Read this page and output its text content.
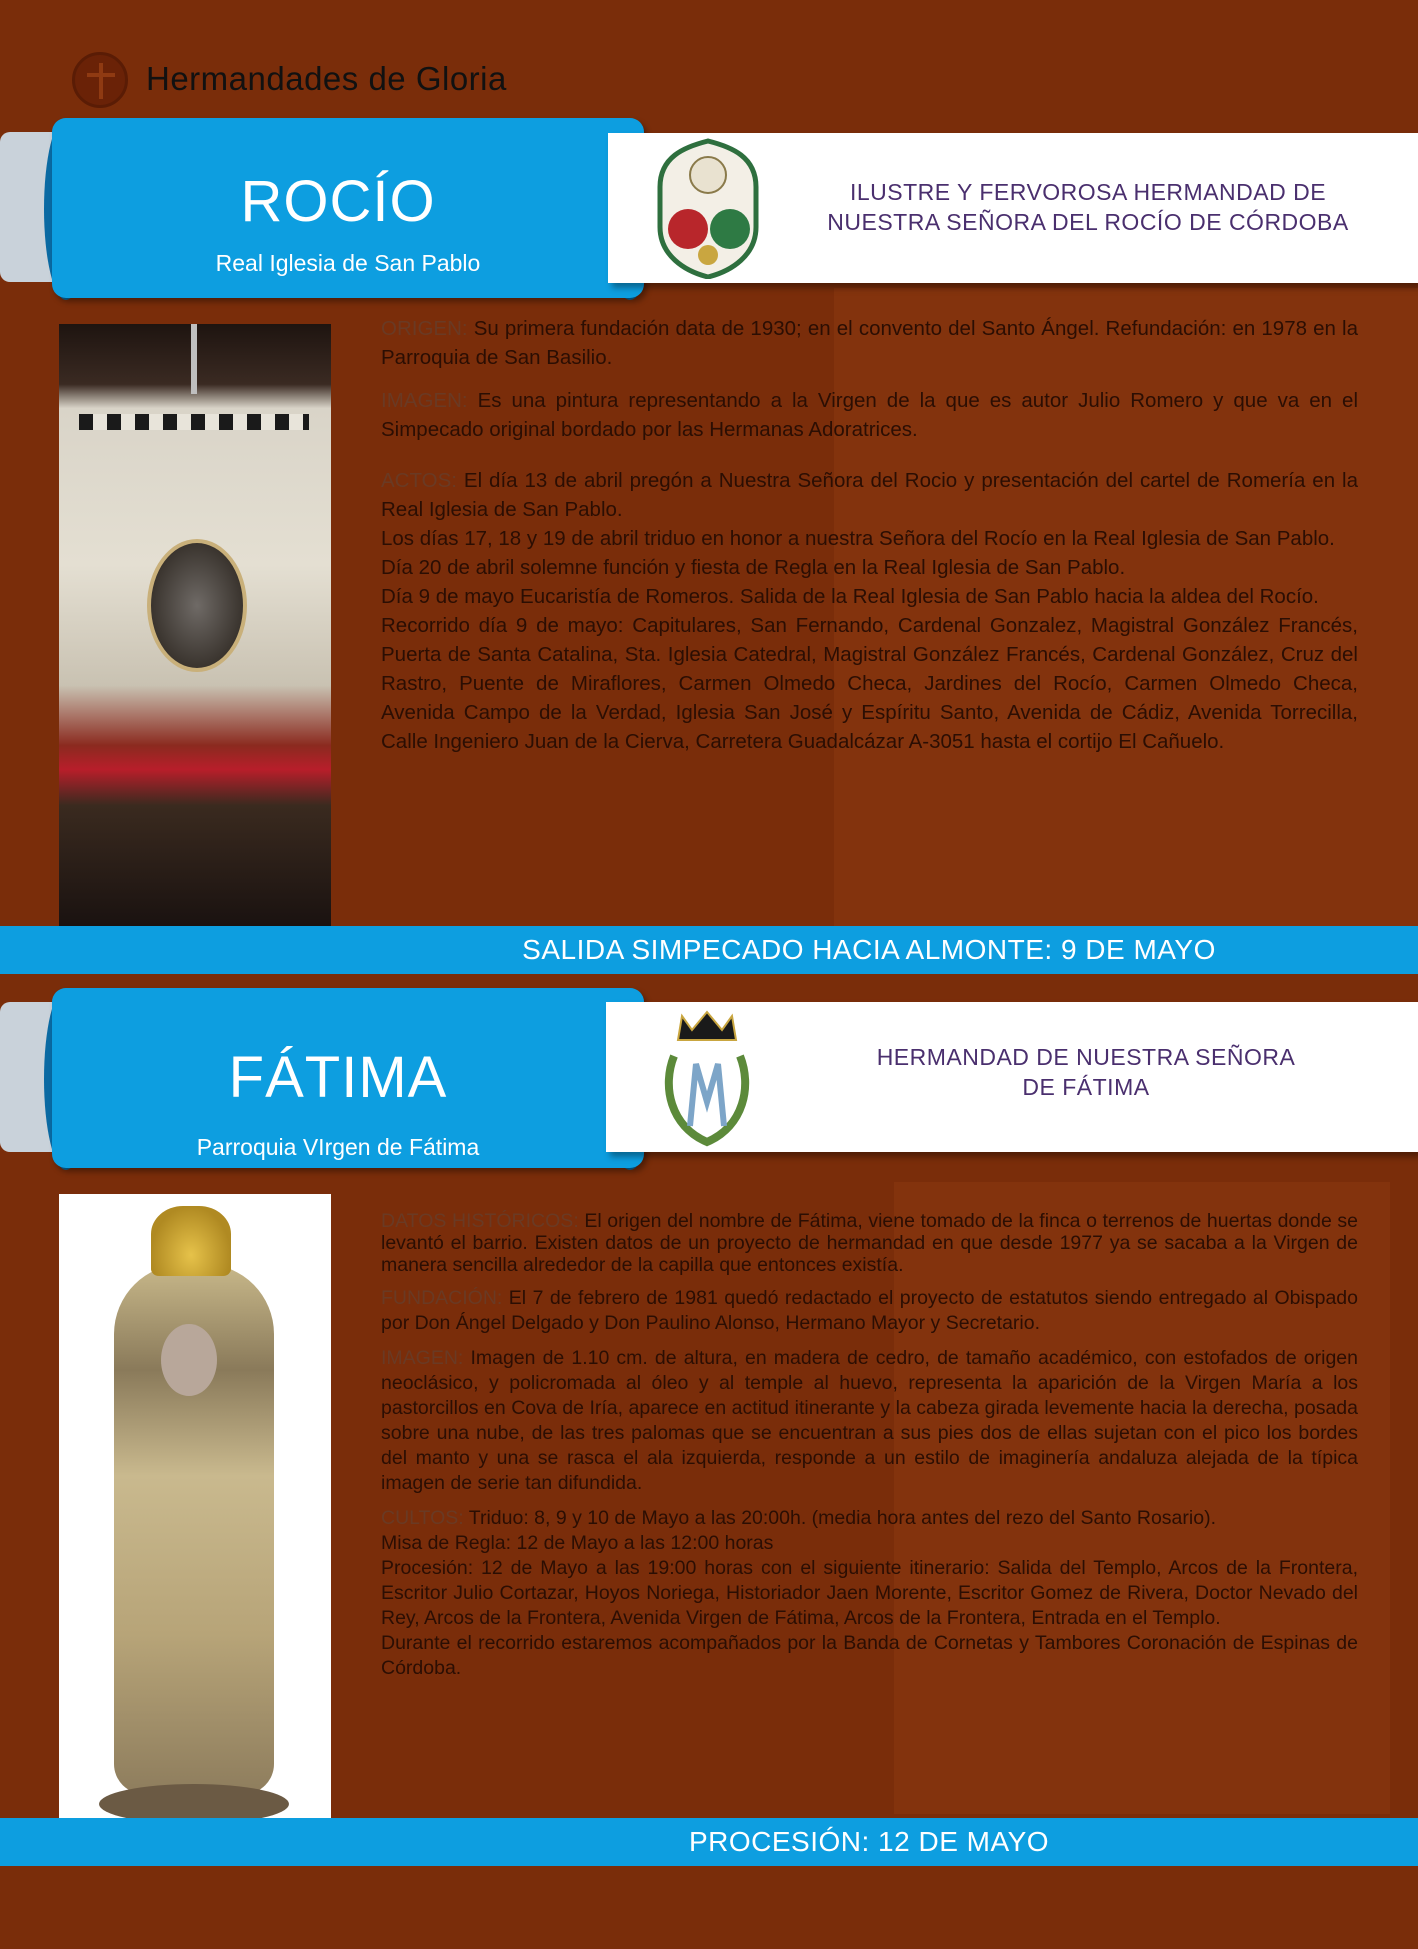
Hermandades de Gloria
ROCÍO
Real Iglesia de San Pablo
ILUSTRE Y FERVOROSA HERMANDAD DE
NUESTRA SEÑORA DEL ROCÍO DE CÓRDOBA

ORIGEN: Su primera fundación data de 1930; en el convento del Santo Ángel. Refundación: en 1978 en la Parroquia de San Basilio.

IMAGEN: Es una pintura representando a la Virgen de la que es autor Julio Romero y que va en el Simpecado original bordado por las Hermanas Adoratrices.

ACTOS: El día 13 de abril pregón a Nuestra Señora del Rocio y presentación del cartel de Romería en la Real Iglesia de San Pablo.

Los días 17, 18 y 19 de abril triduo en honor a nuestra Señora del Rocío en la Real Iglesia de San Pablo.

Día 20 de abril solemne función y fiesta de Regla en la Real Iglesia de San Pablo.

Día 9 de mayo Eucaristía de Romeros. Salida de la Real Iglesia de San Pablo hacia la aldea del Rocío.

Recorrido día 9 de mayo: Capitulares, San Fernando, Cardenal Gonzalez, Magistral González Francés, Puerta de Santa Catalina, Sta. Iglesia Catedral, Magistral González Francés, Cardenal González, Cruz del Rastro, Puente de Miraflores, Carmen Olmedo Checa, Jardines del Rocío, Carmen Olmedo Checa, Avenida Campo de la Verdad, Iglesia San José y Espíritu Santo, Avenida de Cádiz, Avenida Torrecilla, Calle Ingeniero Juan de la Cierva, Carretera Guadalcázar A-3051 hasta el cortijo El Cañuelo.

SALIDA SIMPECADO HACIA ALMONTE: 9 DE MAYO
FÁTIMA
Parroquia VIrgen de Fátima
HERMANDAD DE NUESTRA SEÑORA
DE FÁTIMA

DATOS HISTÓRICOS: El origen del nombre de Fátima, viene tomado de la finca o terrenos de huertas donde se levantó el barrio. Existen datos de un proyecto de hermandad en que desde 1977 ya se sacaba a la Virgen de manera sencilla alrededor de la capilla que entonces existía.

FUNDACIÓN: El 7 de febrero de 1981 quedó redactado el proyecto de estatutos siendo entregado al Obispado por Don Ángel Delgado y Don Paulino Alonso, Hermano Mayor y Secretario.

IMAGEN: Imagen de 1.10 cm. de altura, en madera de cedro, de tamaño académico, con estofados de origen neoclásico, y policromada al óleo y al temple al huevo, representa la aparición de la Virgen María a los pastorcillos en Cova de Iría, aparece en actitud itinerante y la cabeza girada levemente hacia la derecha, posada sobre una nube, de las tres palomas que se encuentran a sus pies dos de ellas sujetan con el pico los bordes del manto y una se rasca el ala izquierda, responde a un estilo de imaginería andaluza alejada de la típica imagen de serie tan difundida.

CULTOS: Triduo: 8, 9 y 10 de Mayo a las 20:00h. (media hora antes del rezo del Santo Rosario).

Misa de Regla: 12 de Mayo a las 12:00 horas

Procesión: 12 de Mayo a las 19:00 horas con el siguiente itinerario: Salida del Templo, Arcos de la Frontera, Escritor Julio Cortazar, Hoyos Noriega, Historiador Jaen Morente, Escritor Gomez de Rivera, Doctor Nevado del Rey, Arcos de la Frontera, Avenida Virgen de Fátima, Arcos de la Frontera, Entrada en el Templo.

Durante el recorrido estaremos acompañados por la Banda de Cornetas y Tambores Coronación de Espinas de Córdoba.

PROCESIÓN: 12 DE MAYO
